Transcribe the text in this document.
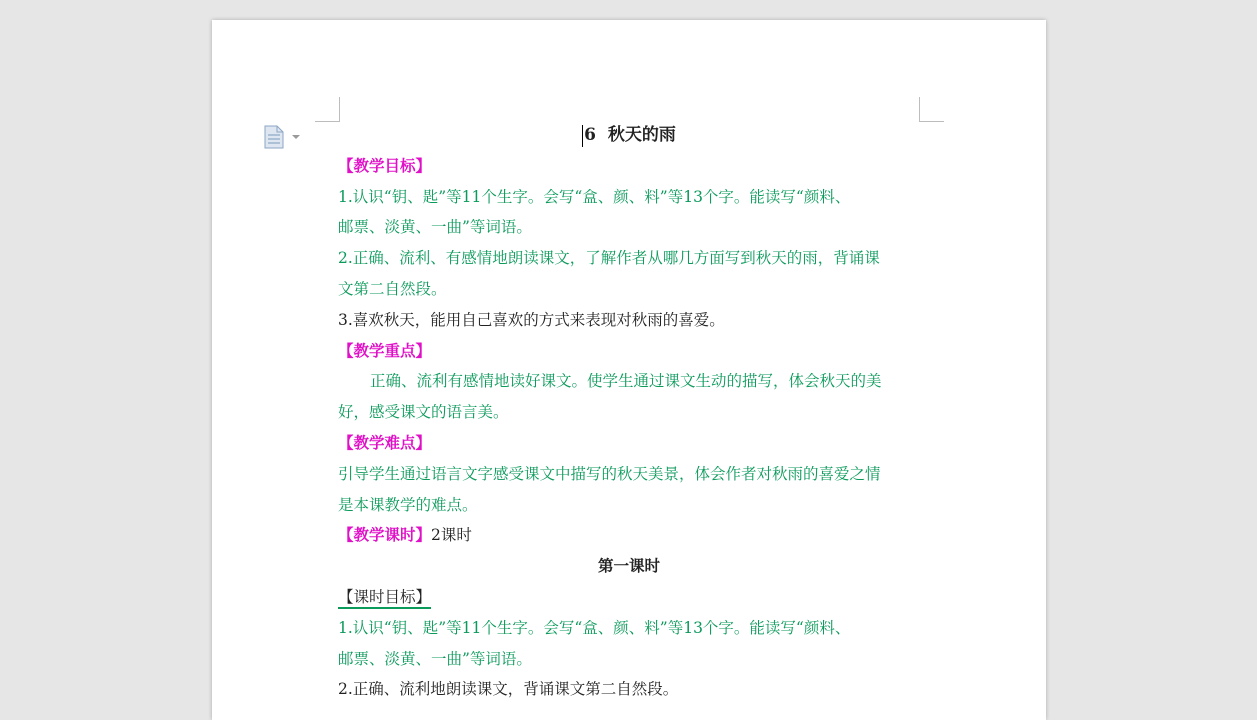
6 秋天的雨
【教学目标】
1.认识“钥、匙”等11个生字。会写“盒、颜、料”等13个字。能读写“颜料、
邮票、淡黄、一曲”等词语。
2.正确、流利、有感情地朗读课文，了解作者从哪几方面写到秋天的雨，背诵课
文第二自然段。
3.喜欢秋天，能用自己喜欢的方式来表现对秋雨的喜爱。
【教学重点】
正确、流利有感情地读好课文。使学生通过课文生动的描写，体会秋天的美
好，感受课文的语言美。
【教学难点】
引导学生通过语言文字感受课文中描写的秋天美景，体会作者对秋雨的喜爱之情
是本课教学的难点。
【教学课时】2课时
第一课时
【课时目标】
1.认识“钥、匙”等11个生字。会写“盒、颜、料”等13个字。能读写“颜料、
邮票、淡黄、一曲”等词语。
2.正确、流利地朗读课文，背诵课文第二自然段。
